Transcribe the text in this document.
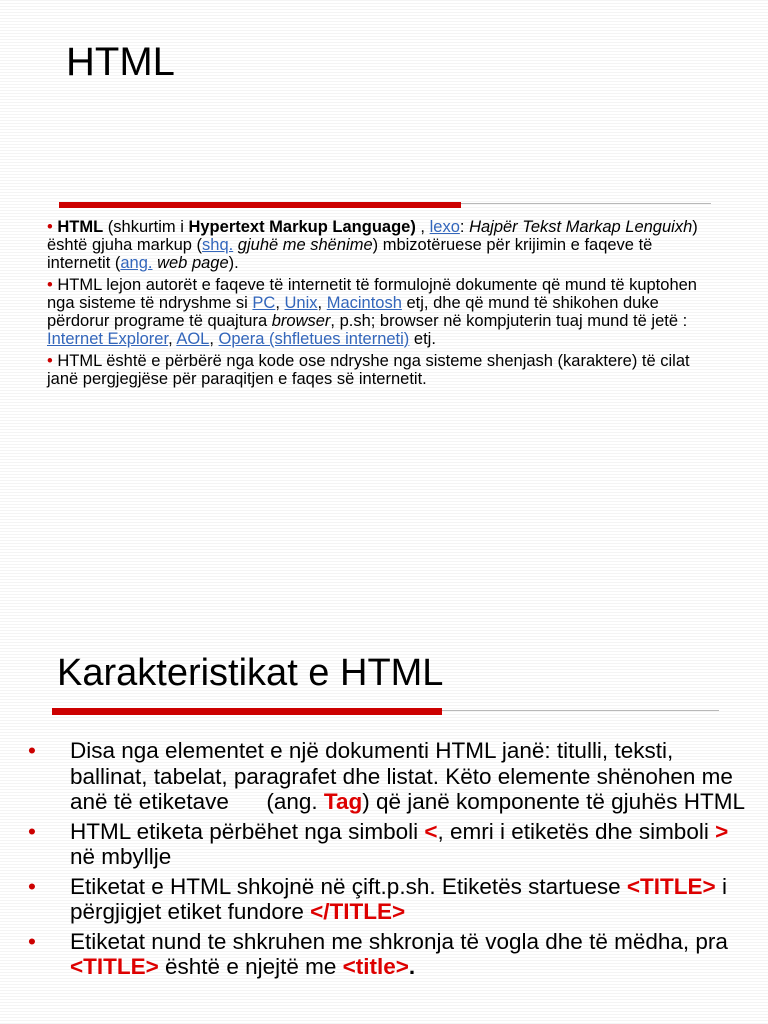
HTML

• HTML (shkurtim i Hypertext Markup Language) , lexo: Hajpër Tekst Markap Lenguixh) është gjuha markup (shq. gjuhë me shënime) mbizotëruese për krijimin e faqeve të internetit (ang. web page).

• HTML lejon autorët e faqeve të internetit të formulojnë dokumente që mund të kuptohen nga sisteme të ndryshme si PC, Unix, Macintosh etj, dhe që mund të shikohen duke përdorur programe të quajtura browser, p.sh; browser në kompjuterin tuaj mund të jetë : Internet Explorer, AOL, Opera (shfletues interneti) etj.

• HTML është e përbërë nga kode ose ndryshe nga sisteme shenjash (karaktere) të cilat janë pergjegjëse për paraqitjen e faqes së internetit.

Karakteristikat e HTML
• Disa nga elementet e një dokumenti HTML janë: titulli, teksti, ballinat, tabelat, paragrafet dhe listat. Këto elemente shënohen me anë të etiketave      (ang. Tag) që janë komponente të gjuhës HTML
• HTML etiketa përbëhet nga simboli <, emri i etiketës dhe simboli > në mbyllje
• Etiketat e HTML shkojnë në çift.p.sh. Etiketës startuese <TITLE> i përgjigjet etiket fundore </TITLE>
• Etiketat nund te shkruhen me shkronja të vogla dhe të mëdha, pra <TITLE> është e njejtë me <title>.
